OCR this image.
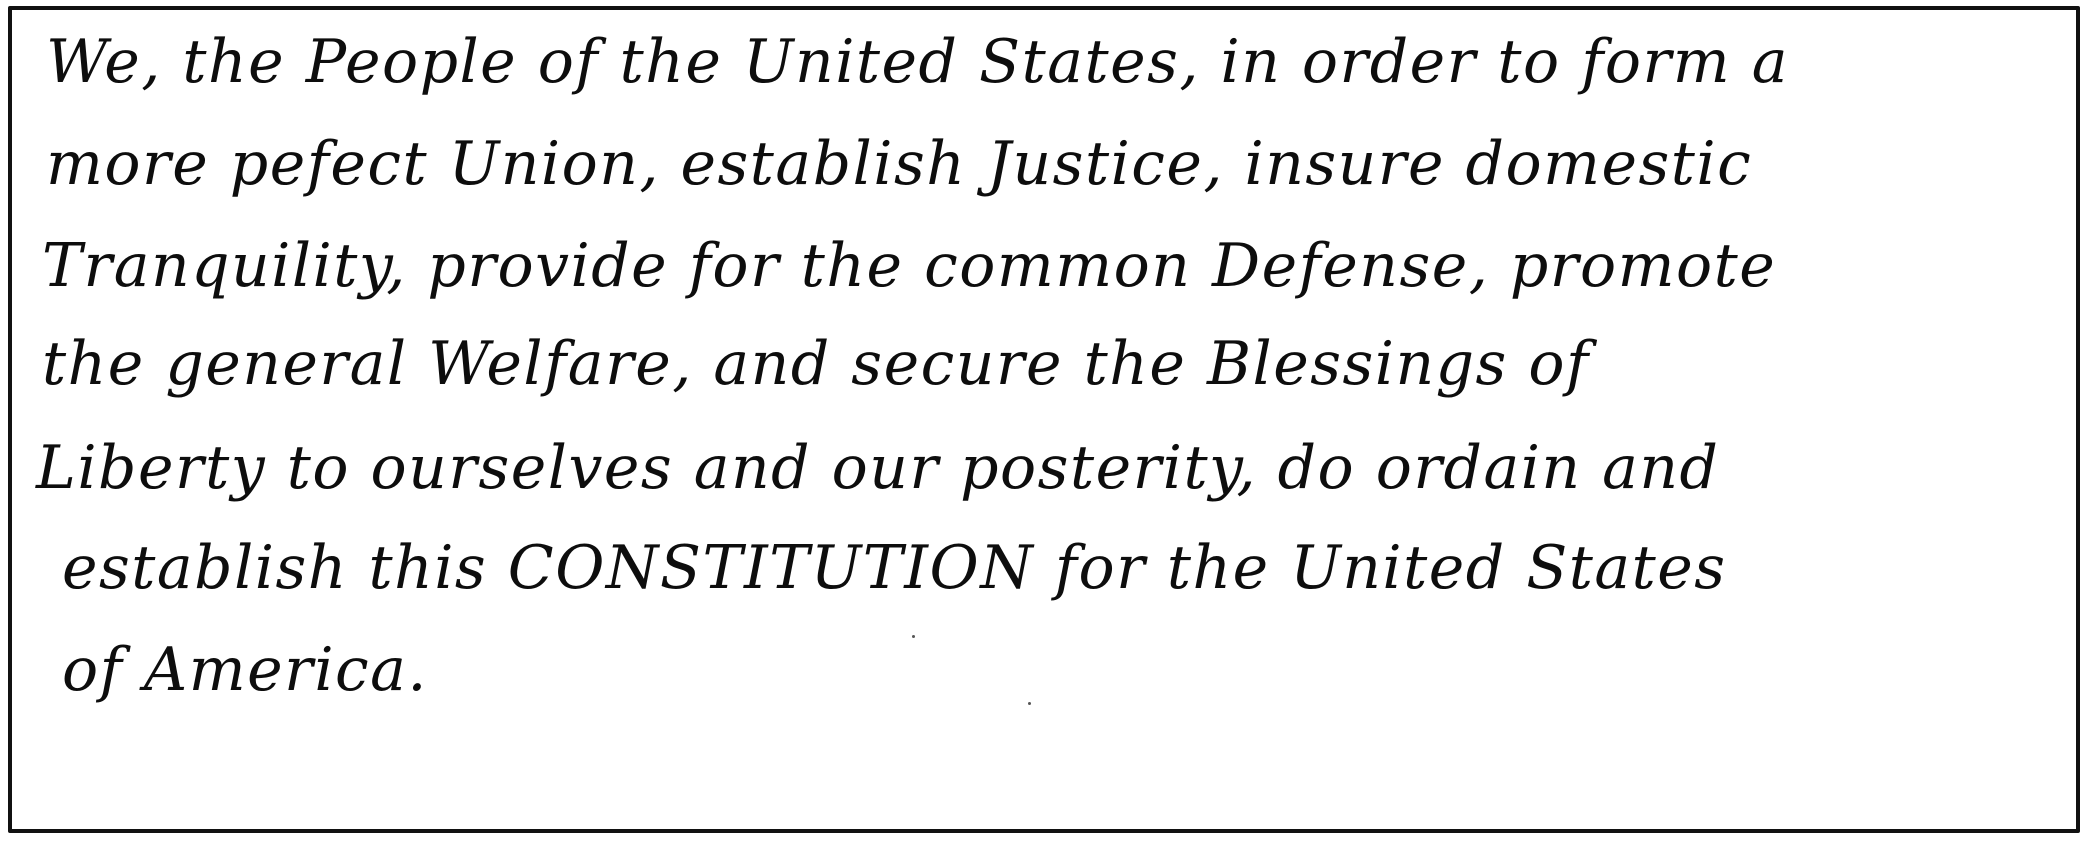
We, the People of the United States, in order to form a
more pefect Union, establish Justice, insure domestic
Tranquility, provide for the common Defense, promote
the general Welfare, and secure the Blessings of
Liberty to ourselves and our posterity, do ordain and
establish this CONSTITUTION for the United States
of America.
